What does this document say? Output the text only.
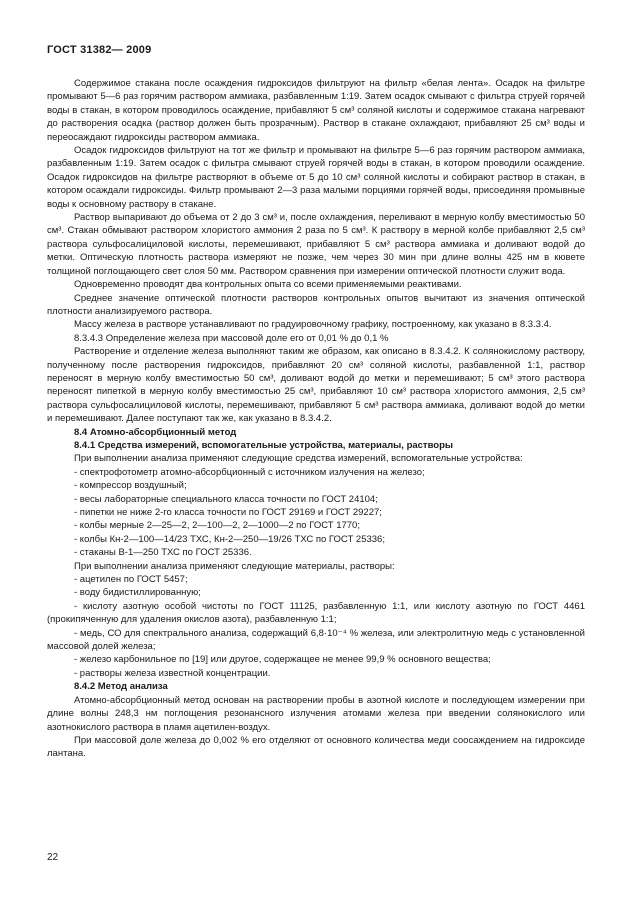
ГОСТ 31382— 2009

Содержимое стакана после осаждения гидроксидов фильтруют на фильтр «белая лента». Осадок на фильтре промывают 5—6 раз горячим раствором аммиака, разбавленным 1:19. Затем осадок смывают с фильтра струей горячей воды в стакан, в котором проводилось осаждение, прибавляют 5 см³ соляной кислоты и содержимое стакана нагревают до растворения осадка (раствор должен быть прозрачным). Раствор в стакане охлаждают, прибавляют 25 см³ воды и переосаждают гидроксиды раствором аммиака.

Осадок гидроксидов фильтруют на тот же фильтр и промывают на фильтре 5—6 раз горячим раствором аммиака, разбавленным 1:19. Затем осадок с фильтра смывают струей горячей воды в стакан, в котором проводили осаждение. Осадок гидроксидов на фильтре растворяют в объеме от 5 до 10 см³ соляной кислоты и собирают раствор в стакан, в котором осаждали гидроксиды. Фильтр промывают 2—3 раза малыми порциями горячей воды, присоединяя промывные воды к основному раствору в стакане.

Раствор выпаривают до объема от 2 до 3 см³ и, после охлаждения, переливают в мерную колбу вместимостью 50 см³. Стакан обмывают раствором хлористого аммония 2 раза по 5 см³. К раствору в мерной колбе прибавляют 2,5 см³ раствора сульфосалициловой кислоты, перемешивают, прибавляют 5 см³ раствора аммиака и доливают водой до метки. Оптическую плотность раствора измеряют не позже, чем через 30 мин при длине волны 425 нм в кювете толщиной поглощающего свет слоя 50 мм. Раствором сравнения при измерении оптической плотности служит вода.

Одновременно проводят два контрольных опыта со всеми применяемыми реактивами.

Среднее значение оптической плотности растворов контрольных опытов вычитают из значения оптической плотности анализируемого раствора.

Массу железа в растворе устанавливают по градуировочному графику, построенному, как указано в 8.3.3.4.

8.3.4.3 Определение железа при массовой доле его от 0,01 % до 0,1 %

Растворение и отделение железа выполняют таким же образом, как описано в 8.3.4.2. К солянокислому раствору, полученному после растворения гидроксидов, прибавляют 20 см³ соляной кислоты, разбавленной 1:1, раствор переносят в мерную колбу вместимостью 50 см³, доливают водой до метки и перемешивают; 5 см³ этого раствора переносят пипеткой в мерную колбу вместимостью 25 см³, прибавляют 10 см³ раствора хлористого аммония, 2,5 см³ раствора сульфосалициловой кислоты, перемешивают, прибавляют 5 см³ раствора аммиака, доливают водой до метки и перемешивают. Далее поступают так же, как указано в 8.3.4.2.

8.4 Атомно-абсорбционный метод

8.4.1 Средства измерений, вспомогательные устройства, материалы, растворы

При выполнении анализа применяют следующие средства измерений, вспомогательные устройства:

- спектрофотометр атомно-абсорбционный с источником излучения на железо;

- компрессор воздушный;

- весы лабораторные специального класса точности по ГОСТ 24104;

- пипетки не ниже 2-го класса точности по ГОСТ 29169 и ГОСТ 29227;

- колбы мерные 2—25—2, 2—100—2, 2—1000—2 по ГОСТ 1770;

- колбы Кн-2—100—14/23 ТХС, Кн-2—250—19/26 ТХС по ГОСТ 25336;

- стаканы В-1—250 ТХС по ГОСТ 25336.

При выполнении анализа применяют следующие материалы, растворы:

- ацетилен по ГОСТ 5457;

- воду бидистиллированную;

- кислоту азотную особой чистоты по ГОСТ 11125, разбавленную 1:1, или кислоту азотную по ГОСТ 4461 (прокипяченную для удаления окислов азота), разбавленную 1:1;

- медь, СО для спектрального анализа, содержащий 6,8·10⁻⁴ % железа, или электролитную медь с установленной массовой долей железа;

- железо карбонильное по [19] или другое, содержащее не менее 99,9 % основного вещества;

- растворы железа известной концентрации.

8.4.2 Метод анализа

Атомно-абсорбционный метод основан на растворении пробы в азотной кислоте и последующем измерении при длине волны 248,3 нм поглощения резонансного излучения атомами железа при введении солянокислого или азотнокислого раствора в пламя ацетилен-воздух.

При массовой доле железа до 0,002 % его отделяют от основного количества меди соосаждением на гидроксиде лантана.

22
